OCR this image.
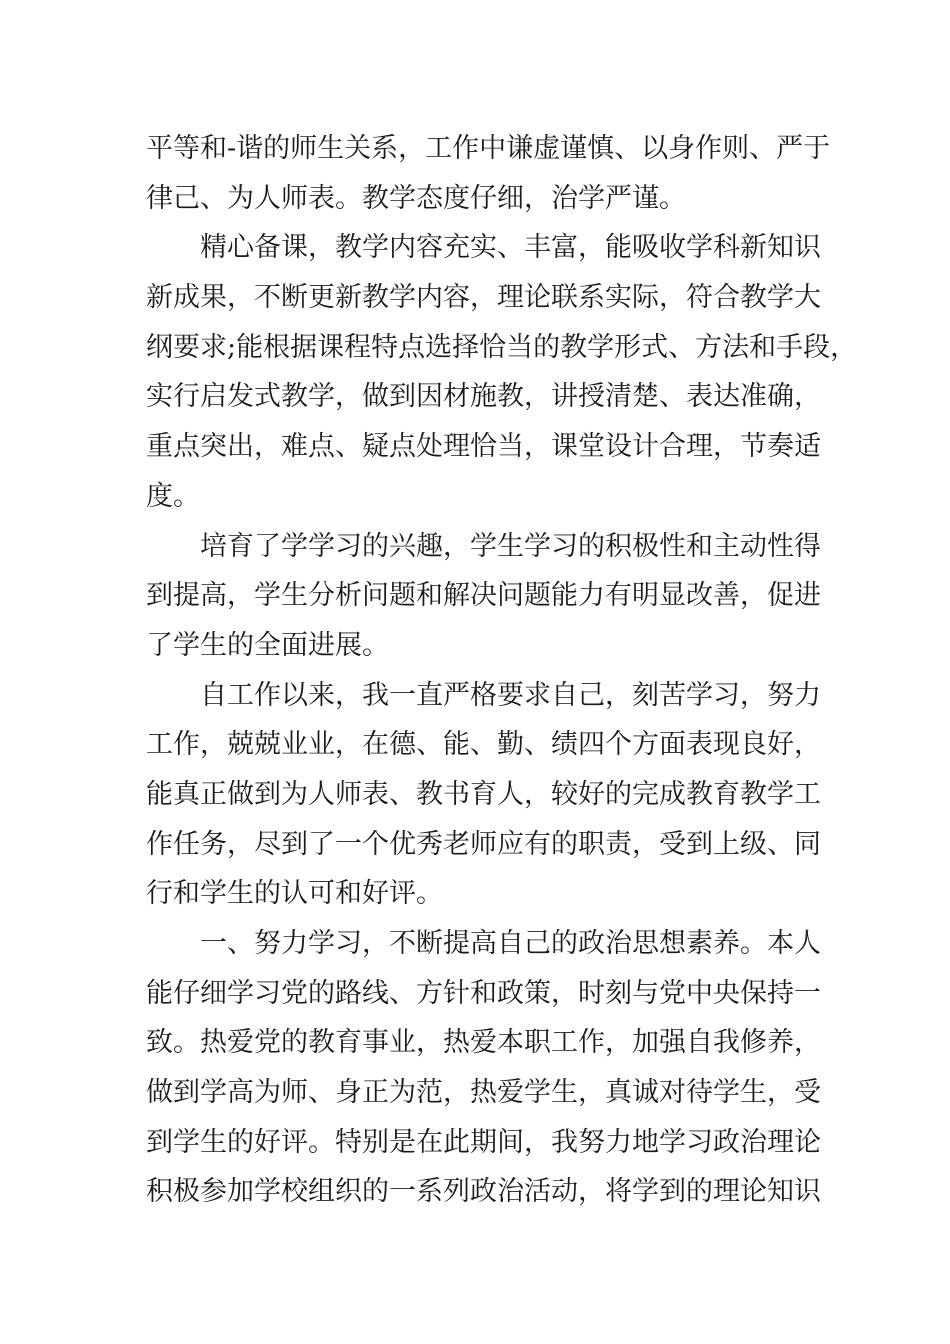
平等和-谐的师生关系，工作中谦虚谨慎、以身作则、严于
律己、为人师表。教学态度仔细，治学严谨。
精心备课，教学内容充实、丰富，能吸收学科新知识
新成果，不断更新教学内容，理论联系实际，符合教学大
纲要求;能根据课程特点选择恰当的教学形式、方法和手段，
实行启发式教学，做到因材施教，讲授清楚、表达准确，
重点突出，难点、疑点处理恰当，课堂设计合理，节奏适
度。
培育了学学习的兴趣，学生学习的积极性和主动性得
到提高，学生分析问题和解决问题能力有明显改善，促进
了学生的全面进展。
自工作以来，我一直严格要求自己，刻苦学习，努力
工作，兢兢业业，在德、能、勤、绩四个方面表现良好，
能真正做到为人师表、教书育人，较好的完成教育教学工
作任务，尽到了一个优秀老师应有的职责，受到上级、同
行和学生的认可和好评。
一、努力学习，不断提高自己的政治思想素养。本人
能仔细学习党的路线、方针和政策，时刻与党中央保持一
致。热爱党的教育事业，热爱本职工作，加强自我修养，
做到学高为师、身正为范，热爱学生，真诚对待学生，受
到学生的好评。特别是在此期间，我努力地学习政治理论
积极参加学校组织的一系列政治活动，将学到的理论知识
